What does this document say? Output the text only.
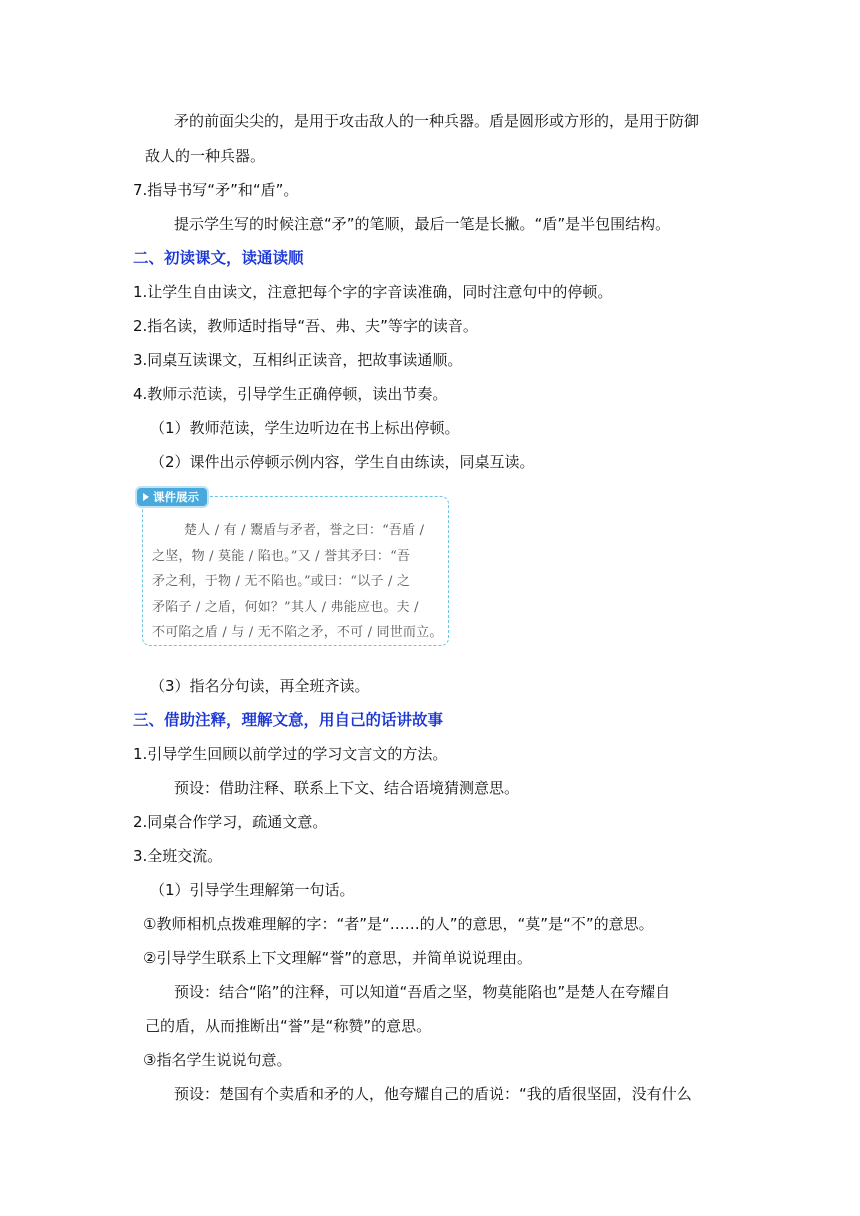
矛的前面尖尖的，是用于攻击敌人的一种兵器。盾是圆形或方形的，是用于防御
敌人的一种兵器。
7.指导书写“矛”和“盾”。
提示学生写的时候注意“矛”的笔顺，最后一笔是长撇。“盾”是半包围结构。
二、初读课文，读通读顺
1.让学生自由读文，注意把每个字的字音读准确，同时注意句中的停顿。
2.指名读，教师适时指导“吾、弗、夫”等字的读音。
3.同桌互读课文，互相纠正读音，把故事读通顺。
4.教师示范读，引导学生正确停顿，读出节奏。
（1）教师范读，学生边听边在书上标出停顿。
（2）课件出示停顿示例内容，学生自由练读，同桌互读。
课件展示
楚人 / 有 / 鬻盾与矛者，誉之曰：“吾盾 /
之坚，物 / 莫能 / 陷也。”又 / 誉其矛曰：“吾
矛之利，于物 / 无不陷也。”或曰：“以子 / 之
矛陷子 / 之盾，何如？”其人 / 弗能应也。夫 /
不可陷之盾 / 与 / 无不陷之矛，不可 / 同世而立。
（3）指名分句读，再全班齐读。
三、借助注释，理解文意，用自己的话讲故事
1.引导学生回顾以前学过的学习文言文的方法。
预设：借助注释、联系上下文、结合语境猜测意思。
2.同桌合作学习，疏通文意。
3.全班交流。
（1）引导学生理解第一句话。
①教师相机点拨难理解的字：“者”是“……的人”的意思，“莫”是“不”的意思。
②引导学生联系上下文理解“誉”的意思，并简单说说理由。
预设：结合“陷”的注释，可以知道“吾盾之坚，物莫能陷也”是楚人在夸耀自
己的盾，从而推断出“誉”是“称赞”的意思。
③指名学生说说句意。
预设：楚国有个卖盾和矛的人，他夸耀自己的盾说：“我的盾很坚固，没有什么
